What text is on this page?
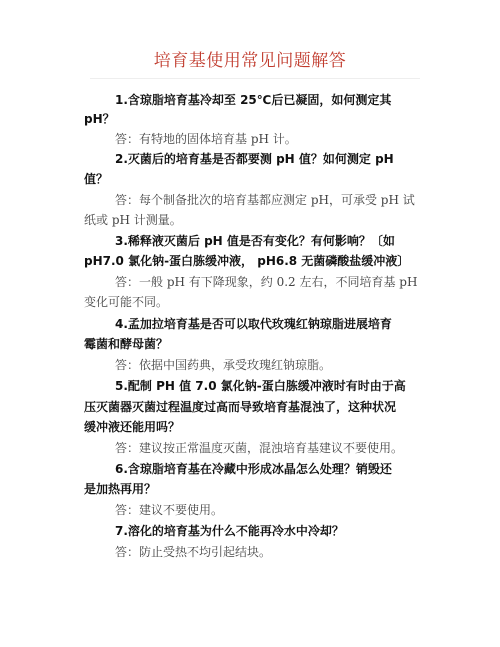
培育基使用常见问题解答
1.含琼脂培育基冷却至 25℃后已凝固，如何测定其
pH？
答：有特地的固体培育基 pH 计。
2.灭菌后的培育基是否都要测 pH 值？如何测定 pH
值？
答：每个制备批次的培育基都应测定 pH，可承受 pH 试
纸或 pH 计测量。
3.稀释液灭菌后 pH 值是否有变化？有何影响？〔如
pH7.0 氯化钠-蛋白胨缓冲液， pH6.8 无菌磷酸盐缓冲液〕
答：一般 pH 有下降现象，约 0.2 左右，不同培育基 pH
变化可能不同。
4.孟加拉培育基是否可以取代玫瑰红钠琼脂进展培育
霉菌和酵母菌？
答：依据中国药典，承受玫瑰红钠琼脂。
5.配制 PH 值 7.0 氯化钠-蛋白胨缓冲液时有时由于高
压灭菌器灭菌过程温度过高而导致培育基混浊了，这种状况
缓冲液还能用吗？
答：建议按正常温度灭菌，混浊培育基建议不要使用。
6.含琼脂培育基在冷藏中形成冰晶怎么处理？销毁还
是加热再用？
答：建议不要使用。
7.溶化的培育基为什么不能再冷水中冷却？
答：防止受热不均引起结块。
